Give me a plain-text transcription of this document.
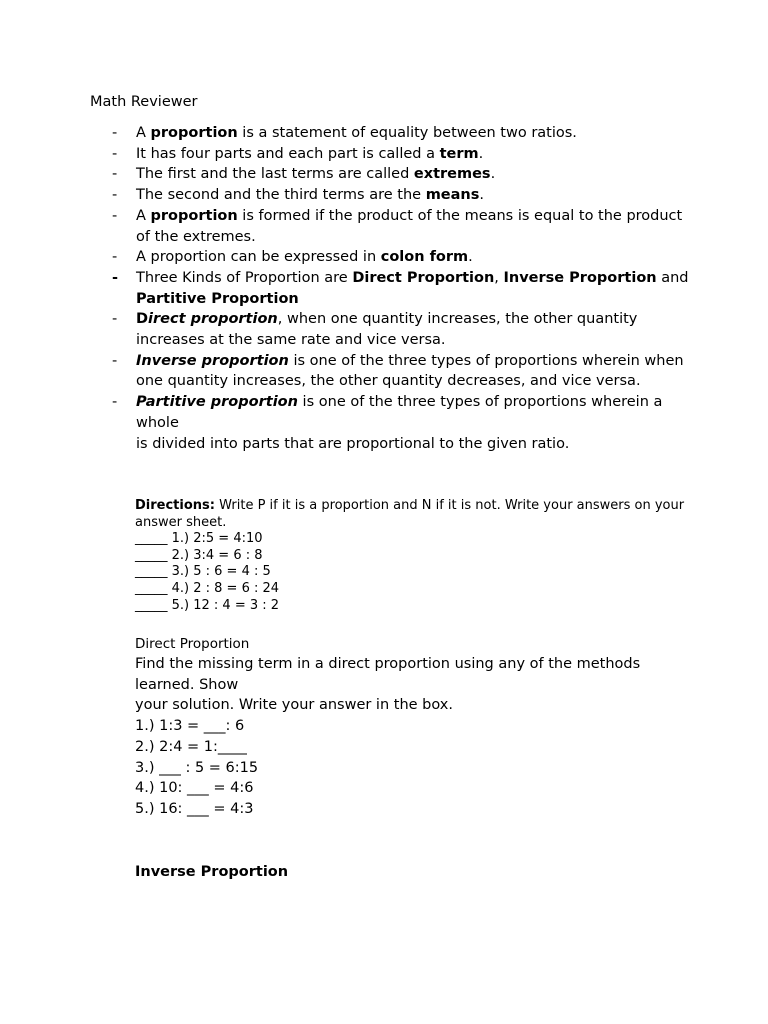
Math Reviewer
- A proportion is a statement of equality between two ratios.
- It has four parts and each part is called a term.
- The first and the last terms are called extremes.
- The second and the third terms are the means.
- A proportion is formed if the product of the means is equal to the product of the extremes.
- A proportion can be expressed in colon form.
- Three Kinds of Proportion are Direct Proportion, Inverse Proportion and Partitive Proportion
- Direct proportion, when one quantity increases, the other quantity increases at the same rate and vice versa.
- Inverse proportion is one of the three types of proportions wherein when one quantity increases, the other quantity decreases, and vice versa.
- Partitive proportion is one of the three types of proportions wherein a whole
is divided into parts that are proportional to the given ratio.

Directions: Write P if it is a proportion and N if it is not. Write your answers on your answer sheet.

_____ 1.) 2:5 = 4:10

_____ 2.) 3:4 = 6 : 8

_____ 3.) 5 : 6 = 4 : 5

_____ 4.) 2 : 8 = 6 : 24

_____ 5.) 12 : 4 = 3 : 2

Direct Proportion

Find the missing term in a direct proportion using any of the methods learned. Show

your solution. Write your answer in the box.

1.) 1:3 = ___: 6

2.) 2:4 = 1:____

3.) ___ : 5 = 6:15

4.) 10: ___ = 4:6

5.) 16: ___ = 4:3

Inverse Proportion
